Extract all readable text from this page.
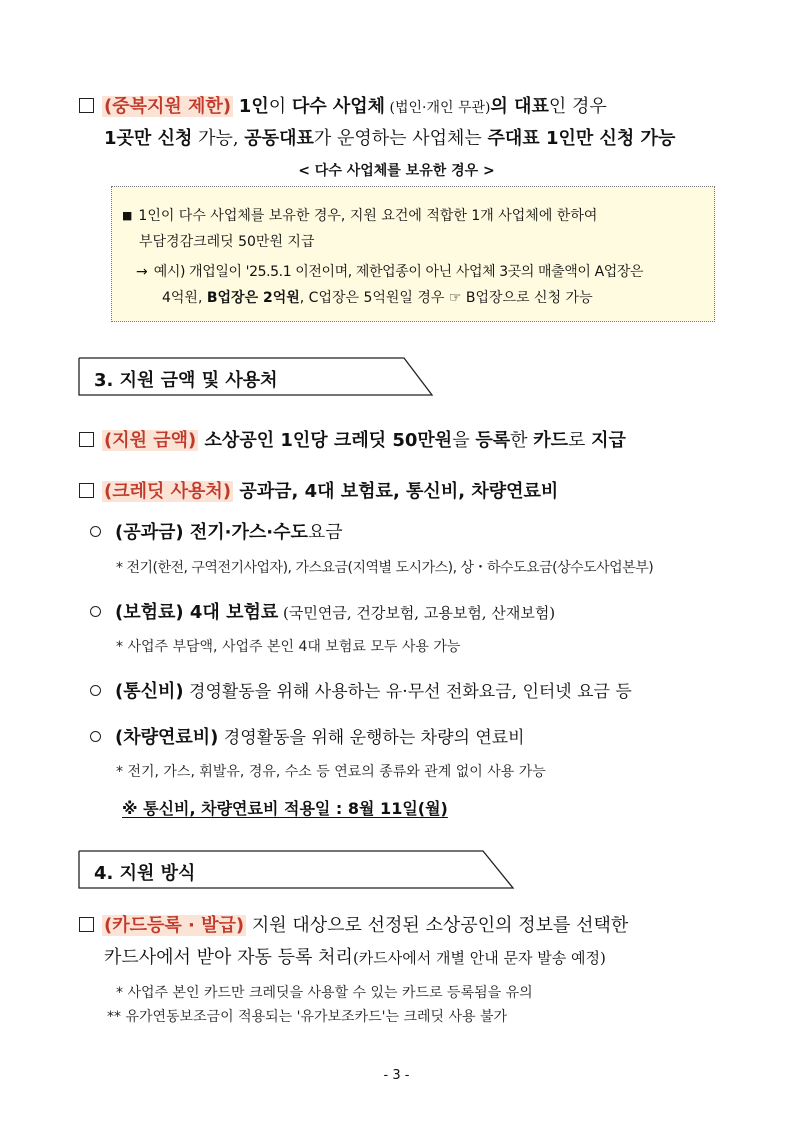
(중복지원 제한) 1인이 다수 사업체 (법인·개인 무관)의 대표인 경우
1곳만 신청 가능, 공동대표가 운영하는 사업체는 주대표 1인만 신청 가능
< 다수 사업체를 보유한 경우 >
■ 1인이 다수 사업체를 보유한 경우, 지원 요건에 적합한 1개 사업체에 한하여
부담경감크레딧 50만원 지급
→ 예시) 개업일이 '25.5.1 이전이며, 제한업종이 아닌 사업체 3곳의 매출액이 A업장은
4억원, B업장은 2억원, C업장은 5억원일 경우 ☞ B업장으로 신청 가능
3. 지원 금액 및 사용처
(지원 금액) 소상공인 1인당 크레딧 50만원을 등록한 카드로 지급
(크레딧 사용처) 공과금, 4대 보험료, 통신비, 차량연료비
(공과금) 전기·가스·수도요금
* 전기(한전, 구역전기사업자), 가스요금(지역별 도시가스), 상・하수도요금(상수도사업본부)
(보험료) 4대 보험료 (국민연금, 건강보험, 고용보험, 산재보험)
* 사업주 부담액, 사업주 본인 4대 보험료 모두 사용 가능
(통신비) 경영활동을 위해 사용하는 유·무선 전화요금, 인터넷 요금 등
(차량연료비) 경영활동을 위해 운행하는 차량의 연료비
* 전기, 가스, 휘발유, 경유, 수소 등 연료의 종류와 관계 없이 사용 가능
※ 통신비, 차량연료비 적용일 : 8월 11일(월)
4. 지원 방식
(카드등록 · 발급) 지원 대상으로 선정된 소상공인의 정보를 선택한
카드사에서 받아 자동 등록 처리(카드사에서 개별 안내 문자 발송 예정)
* 사업주 본인 카드만 크레딧을 사용할 수 있는 카드로 등록됨을 유의
** 유가연동보조금이 적용되는 '유가보조카드'는 크레딧 사용 불가
- 3 -
